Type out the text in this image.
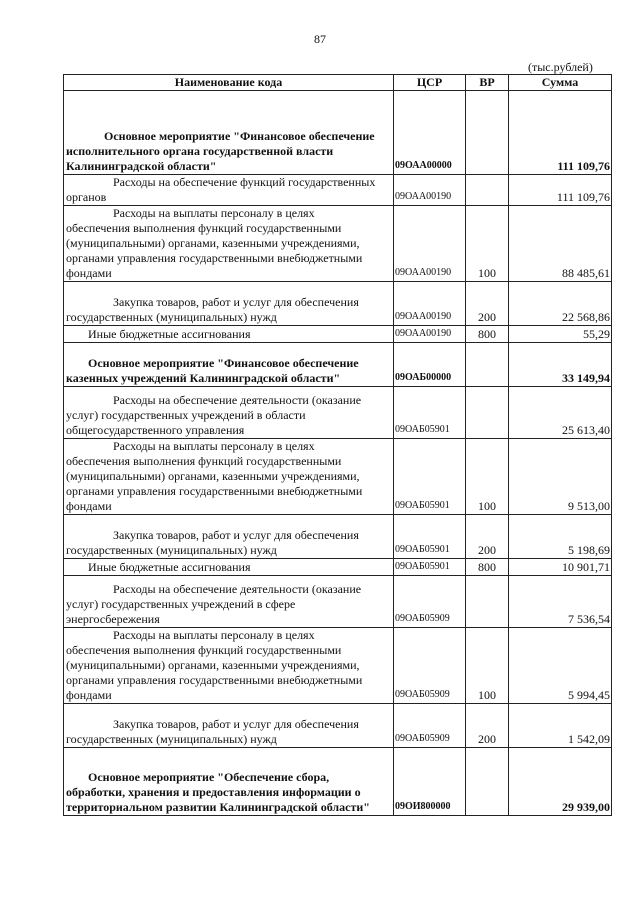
87
(тыс.рублей)
Наименование кода	ЦСР	ВР	Сумма

Основное мероприятие "Финансовое обеспечение
исполнительного органа государственной власти Калининградской области"	09ОАА00000		111 109,76

Расходы на обеспечение функций государственных
органов	09ОАА00190		111 109,76

Расходы на выплаты персоналу в целях
обеспечения выполнения функций государственными (муниципальными) органами, казенными учреждениями, органами управления государственными внебюджетными фондами	09ОАА00190	100	88 485,61

Закупка товаров, работ и услуг для обеспечения
государственных (муниципальных) нужд	09ОАА00190	200	22 568,86

Иные бюджетные ассигнования	09ОАА00190	800	55,29

Основное мероприятие "Финансовое обеспечение
казенных учреждений Калининградской области"	09ОАБ00000		33 149,94

Расходы на обеспечение деятельности (оказание
услуг) государственных учреждений в области общегосударственного управления	09ОАБ05901		25 613,40

Расходы на выплаты персоналу в целях
обеспечения выполнения функций государственными (муниципальными) органами, казенными учреждениями, органами управления государственными внебюджетными фондами	09ОАБ05901	100	9 513,00

Закупка товаров, работ и услуг для обеспечения
государственных (муниципальных) нужд	09ОАБ05901	200	5 198,69

Иные бюджетные ассигнования	09ОАБ05901	800	10 901,71

Расходы на обеспечение деятельности (оказание
услуг) государственных учреждений в сфере энергосбережения	09ОАБ05909		7 536,54

Расходы на выплаты персоналу в целях
обеспечения выполнения функций государственными (муниципальными) органами, казенными учреждениями, органами управления государственными внебюджетными фондами	09ОАБ05909	100	5 994,45

Закупка товаров, работ и услуг для обеспечения
государственных (муниципальных) нужд	09ОАБ05909	200	1 542,09

Основное мероприятие "Обеспечение сбора,
обработки, хранения и предоставления информации о территориальном развитии Калининградской области"	09ОИ800000		29 939,00
